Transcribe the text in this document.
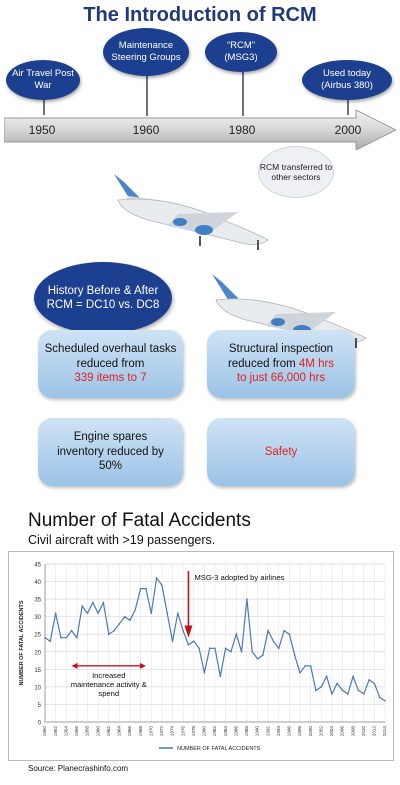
The Introduction of RCM
Air Travel Post War
Maintenance Steering Groups
“RCM” (MSG3)
Used today (Airbus 380)
1950	1960	1980	2000
RCM transferred to other sectors
History Before & After RCM = DC10 vs. DC8
Scheduled overhaul tasks reduced from
339 items to 7
Structural inspection reduced from 4M hrs
to just 66,000 hrs
Engine spares inventory reduced by 50%
Safety
Number of Fatal Accidents
Civil aircraft with >19 passengers.
0
5
10
15
20
25
30
35
40
45
1950 1952 1954 1956 1958 1960 1962 1964 1966 1968 1970 1972 1974 1976 1978 1980 1982 1984 1986 1988 1990 1992 1994 1996 1998 2000 2002 2004 2006 2008 2010 2012 2014
NUMBER OF FATAL ACCIDENTS
NUMBER OF FATAL ACCIDENTS
MSG-3 adopted by airlines
Increased
maintenance activity &
spend
Source: Planecrashinfo.com
